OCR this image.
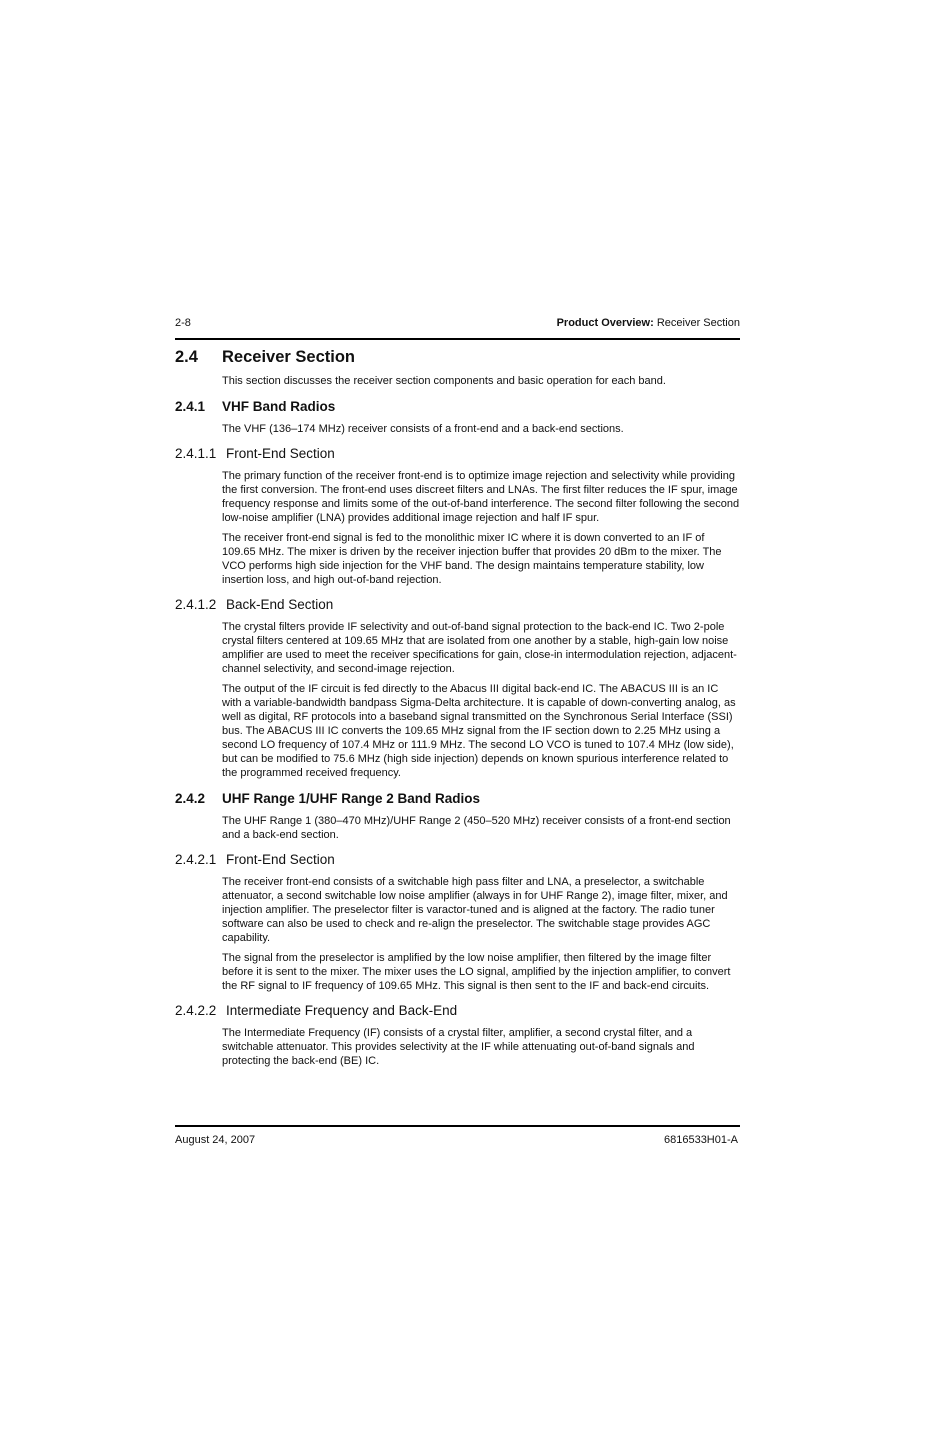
2-8	Product Overview: Receiver Section
2.4 Receiver Section

This section discusses the receiver section components and basic operation for each band.

2.4.1 VHF Band Radios

The VHF (136–174 MHz) receiver consists of a front-end and a back-end sections.

2.4.1.1 Front-End Section

The primary function of the receiver front-end is to optimize image rejection and selectivity while providing the first conversion. The front-end uses discreet filters and LNAs. The first filter reduces the IF spur, image frequency response and limits some of the out-of-band interference. The second filter following the second low-noise amplifier (LNA) provides additional image rejection and half IF spur.

The receiver front-end signal is fed to the monolithic mixer IC where it is down converted to an IF of 109.65 MHz. The mixer is driven by the receiver injection buffer that provides 20 dBm to the mixer. The VCO performs high side injection for the VHF band. The design maintains temperature stability, low insertion loss, and high out-of-band rejection.

2.4.1.2 Back-End Section

The crystal filters provide IF selectivity and out-of-band signal protection to the back-end IC. Two 2-pole crystal filters centered at 109.65 MHz that are isolated from one another by a stable, high-gain low noise amplifier are used to meet the receiver specifications for gain, close-in intermodulation rejection, adjacent-channel selectivity, and second-image rejection.

The output of the IF circuit is fed directly to the Abacus III digital back-end IC. The ABACUS III is an IC with a variable-bandwidth bandpass Sigma-Delta architecture. It is capable of down-converting analog, as well as digital, RF protocols into a baseband signal transmitted on the Synchronous Serial Interface (SSI) bus. The ABACUS III IC converts the 109.65 MHz signal from the IF section down to 2.25 MHz using a second LO frequency of 107.4 MHz or 111.9 MHz. The second LO VCO is tuned to 107.4 MHz (low side), but can be modified to 75.6 MHz (high side injection) depends on known spurious interference related to the programmed received frequency.

2.4.2 UHF Range 1/UHF Range 2 Band Radios

The UHF Range 1 (380–470 MHz)/UHF Range 2 (450–520 MHz) receiver consists of a front-end section and a back-end section.

2.4.2.1 Front-End Section

The receiver front-end consists of a switchable high pass filter and LNA, a preselector, a switchable attenuator, a second switchable low noise amplifier (always in for UHF Range 2), image filter, mixer, and injection amplifier. The preselector filter is varactor-tuned and is aligned at the factory. The radio tuner software can also be used to check and re-align the preselector. The switchable stage provides AGC capability.

The signal from the preselector is amplified by the low noise amplifier, then filtered by the image filter before it is sent to the mixer. The mixer uses the LO signal, amplified by the injection amplifier, to convert the RF signal to IF frequency of 109.65 MHz. This signal is then sent to the IF and back-end circuits.

2.4.2.2 Intermediate Frequency and Back-End

The Intermediate Frequency (IF) consists of a crystal filter, amplifier, a second crystal filter, and a switchable attenuator. This provides selectivity at the IF while attenuating out-of-band signals and protecting the back-end (BE) IC.

August 24, 2007	6816533H01-A
